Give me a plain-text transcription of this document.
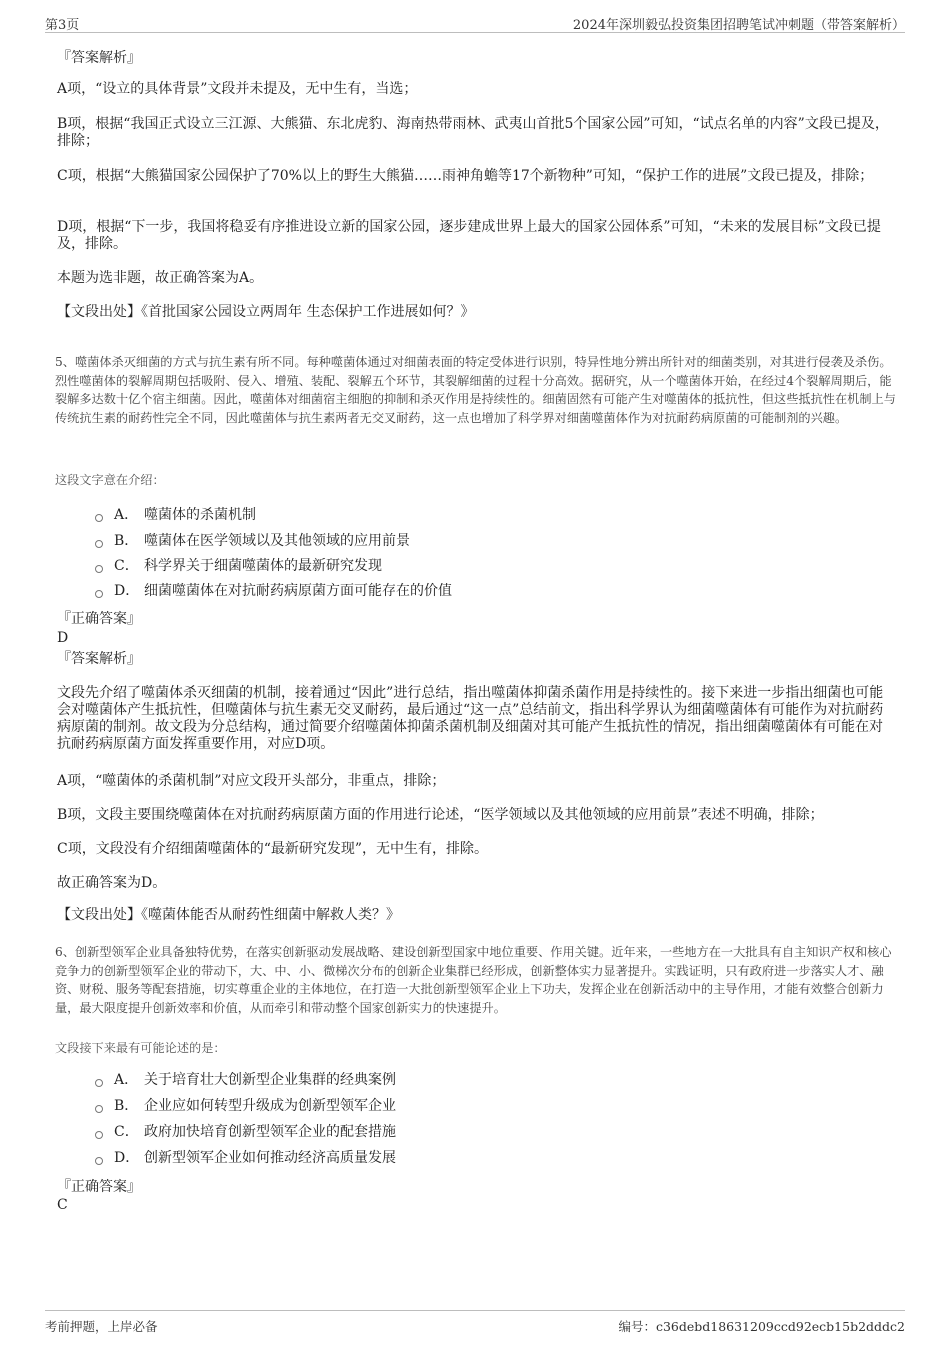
第3页	2024年深圳毅弘投资集团招聘笔试冲刺题（带答案解析）
『答案解析』
A项，“设立的具体背景”文段并未提及，无中生有，当选；
B项，根据“我国正式设立三江源、大熊猫、东北虎豹、海南热带雨林、武夷山首批5个国家公园”可知，“试点名单的内容”文段已提及，排除；
C项，根据“大熊猫国家公园保护了70%以上的野生大熊猫……雨神角蟾等17个新物种”可知，“保护工作的进展”文段已提及，排除；
D项，根据“下一步，我国将稳妥有序推进设立新的国家公园，逐步建成世界上最大的国家公园体系”可知，“未来的发展目标”文段已提及，排除。
本题为选非题，故正确答案为A。
【文段出处】《首批国家公园设立两周年 生态保护工作进展如何？》
5、噬菌体杀灭细菌的方式与抗生素有所不同。每种噬菌体通过对细菌表面的特定受体进行识别，特异性地分辨出所针对的细菌类别，对其进行侵袭及杀伤。烈性噬菌体的裂解周期包括吸附、侵入、增殖、装配、裂解五个环节，其裂解细菌的过程十分高效。据研究，从一个噬菌体开始，在经过4个裂解周期后，能裂解多达数十亿个宿主细菌。因此，噬菌体对细菌宿主细胞的抑制和杀灭作用是持续性的。细菌固然有可能产生对噬菌体的抵抗性，但这些抵抗性在机制上与传统抗生素的耐药性完全不同，因此噬菌体与抗生素两者无交叉耐药，这一点也增加了科学界对细菌噬菌体作为对抗耐药病原菌的可能制剂的兴趣。
这段文字意在介绍：
A． 噬菌体的杀菌机制
B． 噬菌体在医学领域以及其他领域的应用前景
C． 科学界关于细菌噬菌体的最新研究发现
D． 细菌噬菌体在对抗耐药病原菌方面可能存在的价值
『正确答案』
D
『答案解析』
文段先介绍了噬菌体杀灭细菌的机制，接着通过“因此”进行总结，指出噬菌体抑菌杀菌作用是持续性的。接下来进一步指出细菌也可能会对噬菌体产生抵抗性，但噬菌体与抗生素无交叉耐药，最后通过“这一点”总结前文，指出科学界认为细菌噬菌体有可能作为对抗耐药病原菌的制剂。故文段为分总结构，通过简要介绍噬菌体抑菌杀菌机制及细菌对其可能产生抵抗性的情况，指出细菌噬菌体有可能在对抗耐药病原菌方面发挥重要作用，对应D项。
A项，“噬菌体的杀菌机制”对应文段开头部分，非重点，排除；
B项，文段主要围绕噬菌体在对抗耐药病原菌方面的作用进行论述，“医学领域以及其他领域的应用前景”表述不明确，排除；
C项，文段没有介绍细菌噬菌体的“最新研究发现”，无中生有，排除。
故正确答案为D。
【文段出处】《噬菌体能否从耐药性细菌中解救人类？》
6、创新型领军企业具备独特优势，在落实创新驱动发展战略、建设创新型国家中地位重要、作用关键。近年来，一些地方在一大批具有自主知识产权和核心竞争力的创新型领军企业的带动下，大、中、小、微梯次分布的创新企业集群已经形成，创新整体实力显著提升。实践证明，只有政府进一步落实人才、融资、财税、服务等配套措施，切实尊重企业的主体地位，在打造一大批创新型领军企业上下功夫，发挥企业在创新活动中的主导作用，才能有效整合创新力量，最大限度提升创新效率和价值，从而牵引和带动整个国家创新实力的快速提升。
文段接下来最有可能论述的是：
A． 关于培育壮大创新型企业集群的经典案例
B． 企业应如何转型升级成为创新型领军企业
C． 政府加快培育创新型领军企业的配套措施
D． 创新型领军企业如何推动经济高质量发展
『正确答案』
C
考前押题，上岸必备	编号：c36debd18631209ccd92ecb15b2dddc2
